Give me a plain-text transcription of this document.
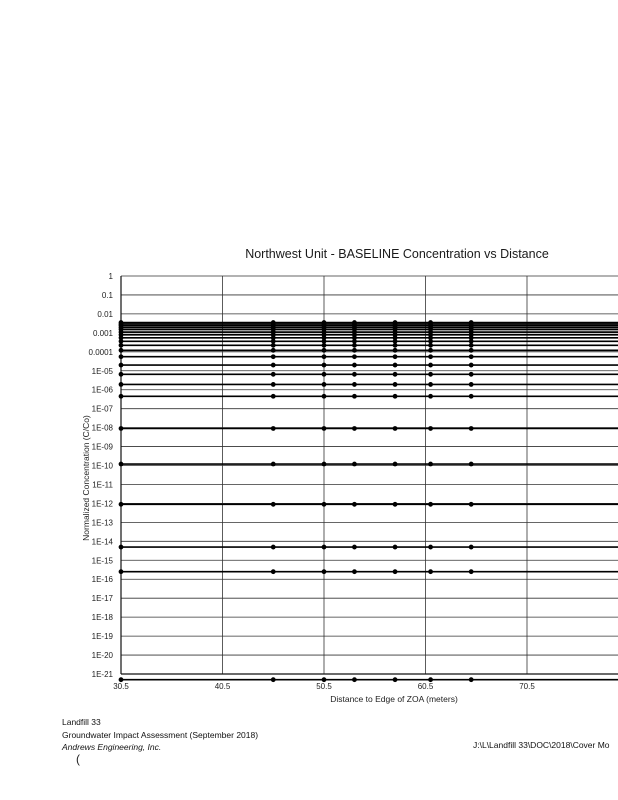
Northwest Unit - BASELINE Concentration vs Distance
1
0.1
0.01
0.001
0.0001
1E-05
1E-06
1E-07
1E-08
1E-09
1E-10
1E-11
1E-12
1E-13
1E-14
1E-15
1E-16
1E-17
1E-18
1E-19
1E-20
1E-21
30.5	40.5	50.5	60.5	70.5
Distance to Edge of ZOA (meters)
Normalized Concentration (C/Co)
Landfill 33
Groundwater Impact Assessment (September 2018)
Andrews Engineering, Inc.	J:\L\Landfill 33\DOC\2018\Cover Mo
(
